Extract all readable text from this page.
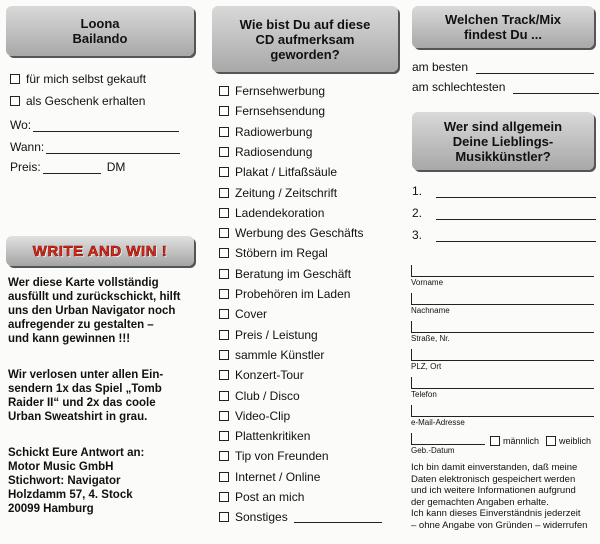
Loona
Bailando
für mich selbst gekauft
als Geschenk erhalten
Wo:
Wann:
Preis:	DM
WRITE AND WIN !
Wer diese Karte vollständig
ausfüllt und zurückschickt, hilft
uns den Urban Navigator noch
aufregender zu gestalten –
und kann gewinnen !!!
Wir verlosen unter allen Ein-
sendern 1x das Spiel „Tomb
Raider II“ und 2x das coole
Urban Sweatshirt in grau.
Schickt Eure Antwort an:
Motor Music GmbH
Stichwort: Navigator
Holzdamm 57, 4. Stock
20099 Hamburg
Wie bist Du auf diese
CD aufmerksam
geworden?
Fernsehwerbung
Fernsehsendung
Radiowerbung
Radiosendung
Plakat / Litfaßsäule
Zeitung / Zeitschrift
Ladendekoration
Werbung des Geschäfts
Stöbern im Regal
Beratung im Geschäft
Probehören im Laden
Cover
Preis / Leistung
sammle Künstler
Konzert-Tour
Club / Disco
Video-Clip
Plattenkritiken
Tip von Freunden
Internet / Online
Post an mich
Sonstiges
Welchen Track/Mix
findest Du ...
am besten
am schlechtesten
Wer sind allgemein
Deine Lieblings-
Musikkünstler?
1.
2.
3.
Vorname
Nachname
Straße, Nr.
PLZ, Ort
Telefon
e-Mail-Adresse
Geb.-Datum
männlich weiblich
Ich bin damit einverstanden, daß meine
Daten elektronisch gespeichert werden
und ich weitere Informationen aufgrund
der gemachten Angaben erhalte.
Ich kann dieses Einverständnis jederzeit
– ohne Angabe von Gründen – widerrufen
